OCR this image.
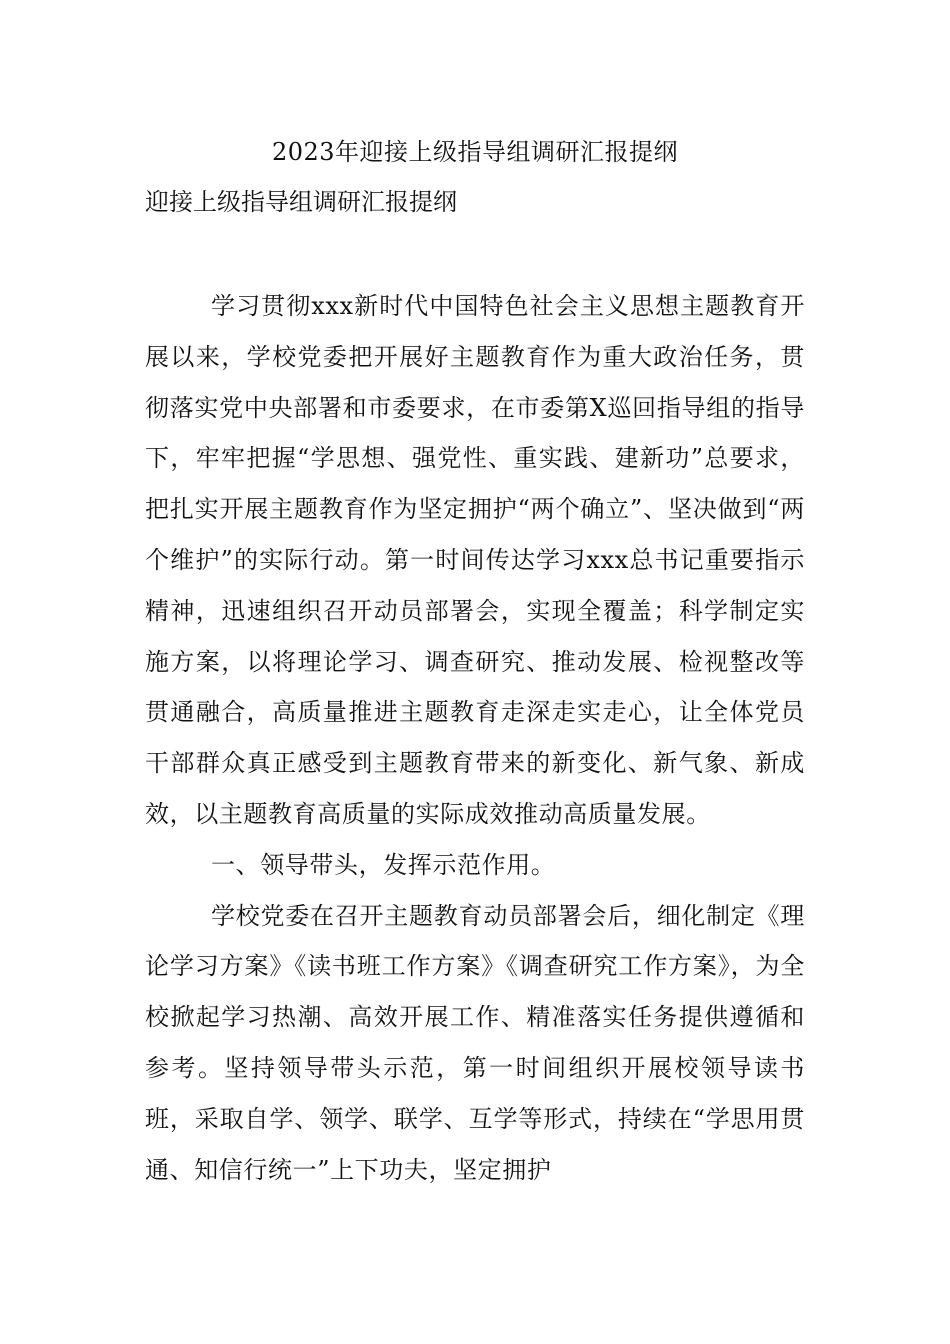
2023年迎接上级指导组调研汇报提纲
迎接上级指导组调研汇报提纲

学习贯彻xxx新时代中国特色社会主义思想主题教育开展以来，学校党委把开展好主题教育作为重大政治任务，贯彻落实党中央部署和市委要求，在市委第X巡回指导组的指导下，牢牢把握“学思想、强党性、重实践、建新功”总要求，把扎实开展主题教育作为坚定拥护“两个确立”、坚决做到“两个维护”的实际行动。第一时间传达学习xxx总书记重要指示精神，迅速组织召开动员部署会，实现全覆盖；科学制定实施方案，以将理论学习、调查研究、推动发展、检视整改等贯通融合，高质量推进主题教育走深走实走心，让全体党员干部群众真正感受到主题教育带来的新变化、新气象、新成效，以主题教育高质量的实际成效推动高质量发展。

一、领导带头，发挥示范作用。

学校党委在召开主题教育动员部署会后，细化制定《理论学习方案》《读书班工作方案》《调查研究工作方案》，为全校掀起学习热潮、高效开展工作、精准落实任务提供遵循和参考。坚持领导带头示范，第一时间组织开展校领导读书班，采取自学、领学、联学、互学等形式，持续在“学思用贯通、知信行统一”上下功夫，坚定拥护
